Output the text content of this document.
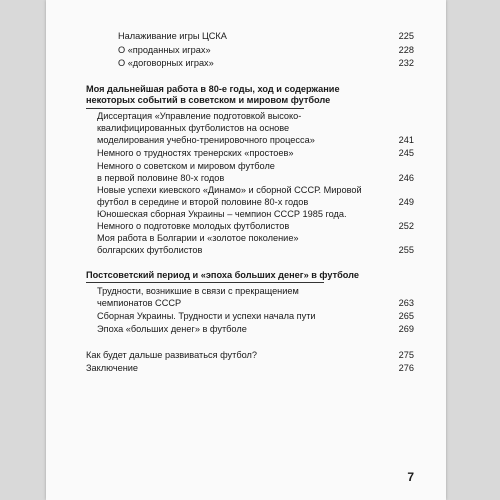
Налаживание игры ЦСКА	225
О «проданных играх»	228
О «договорных играх»	232
Моя дальнейшая работа в 80-е годы, ход и содержание
некоторых событий в советском и мировом футболе
Диссертация «Управление подготовкой высоко-
квалифицированных футболистов на основе
моделирования учебно-тренировочного процесса»	241
Немного о трудностях тренерских «простоев»	245
Немного о советском и мировом футболе
в первой половине 80-х годов	246
Новые успехи киевского «Динамо» и сборной СССР. Мировой
футбол в середине и второй половине 80-х годов	249
Юношеская сборная Украины – чемпион СССР 1985 года.
Немного о подготовке молодых футболистов	252
Моя работа в Болгарии и «золотое поколение»
болгарских футболистов	255
Постсоветский период и «эпоха больших денег» в футболе
Трудности, возникшие в связи с прекращением
чемпионатов СССР	263
Сборная Украины. Трудности и успехи начала пути	265
Эпоха «больших денег» в футболе	269
Как будет дальше развиваться футбол?	275
Заключение	276
7
